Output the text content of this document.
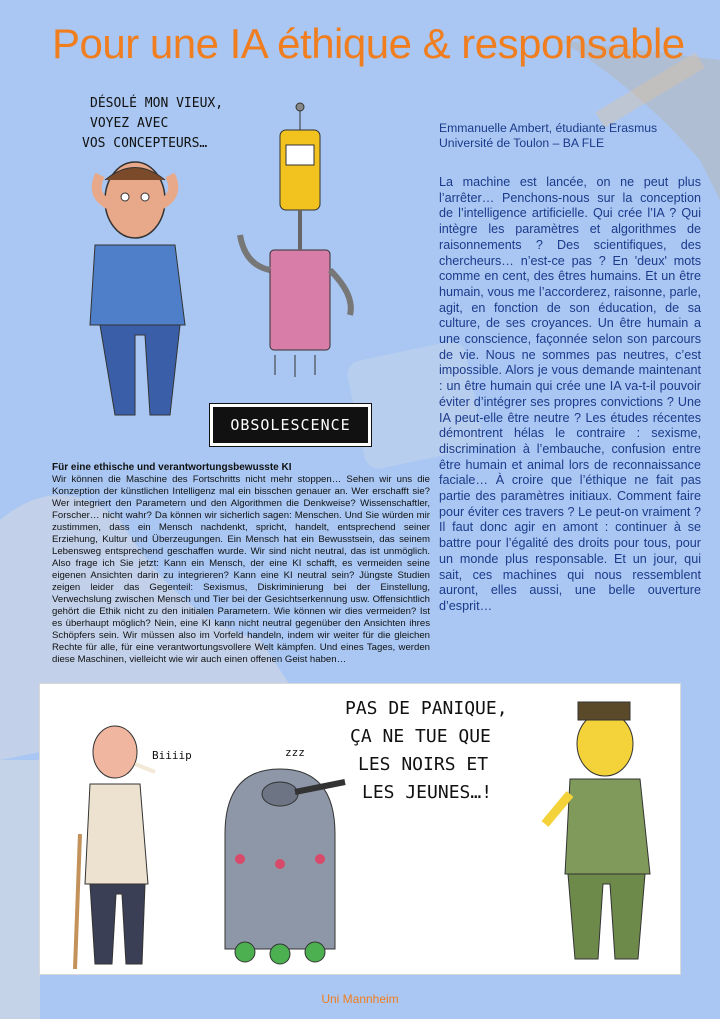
Pour une IA éthique & responsable
DÉSOLÉ MON VIEUX,
VOYEZ AVEC
VOS CONCEPTEURS…
OBSOLESCENCE
Emmanuelle Ambert, étudiante Erasmus
Université de Toulon – BA FLE
La machine est lancée, on ne peut plus l’arrêter… Penchons-nous sur la conception de l’intelligence artificielle. Qui crée l’IA ? Qui intègre les paramètres et algorithmes de raisonnements ? Des scientifiques, des chercheurs… n’est-ce pas ? En 'deux' mots comme en cent, des êtres humains. Et un être humain, vous me l’accorderez, raisonne, parle, agit, en fonction de son éducation, de sa culture, de ses croyances. Un être humain a une conscience, façonnée selon son parcours de vie. Nous ne sommes pas neutres, c’est impossible. Alors je vous demande maintenant : un être humain qui crée une IA va-t-il pouvoir éviter d’intégrer ses propres convictions ? Une IA peut-elle être neutre ? Les études récentes démontrent hélas le contraire : sexisme, discrimination à l’embauche, confusion entre être humain et animal lors de reconnaissance faciale… À croire que l’éthique ne fait pas partie des paramètres initiaux. Comment faire pour éviter ces travers ? Le peut-on vraiment ? Il faut donc agir en amont : continuer à se battre pour l’égalité des droits pour tous, pour un monde plus responsable. Et un jour, qui sait, ces machines qui nous ressemblent auront, elles aussi, une belle ouverture d’esprit…
Für eine ethische und verantwortungsbewusste KI
Wir können die Maschine des Fortschritts nicht mehr stoppen… Sehen wir uns die Konzeption der künstlichen Intelligenz mal ein bisschen genauer an. Wer erschafft sie? Wer integriert den Parametern und den Algorithmen die Denkweise? Wissenschaftler, Forscher… nicht wahr? Da können wir sicherlich sagen: Menschen. Und Sie würden mir zustimmen, dass ein Mensch nachdenkt, spricht, handelt, entsprechend seiner Erziehung, Kultur und Überzeugungen. Ein Mensch hat ein Bewusstsein, das seinem Lebensweg entsprechend geschaffen wurde. Wir sind nicht neutral, das ist unmöglich. Also frage ich Sie jetzt: Kann ein Mensch, der eine KI schafft, es vermeiden seine eigenen Ansichten darin zu integrieren? Kann eine KI neutral sein? Jüngste Studien zeigen leider das Gegenteil: Sexismus, Diskriminierung bei der Einstellung, Verwechslung zwischen Mensch und Tier bei der Gesichtserkennung usw. Offensichtlich gehört die Ethik nicht zu den initialen Parametern. Wie können wir dies vermeiden? Ist es überhaupt möglich? Nein, eine KI kann nicht neutral gegenüber den Ansichten ihres Schöpfers sein. Wir müssen also im Vorfeld handeln, indem wir weiter für die gleichen Rechte für alle, für eine verantwortungsvollere Welt kämpfen. Und eines Tages, werden diese Maschinen, vielleicht wie wir auch einen offenen Geist haben…
Biiiip	zzz
PAS DE PANIQUE,
ÇA NE TUE QUE
LES NOIRS ET
LES JEUNES…!
Uni Mannheim
